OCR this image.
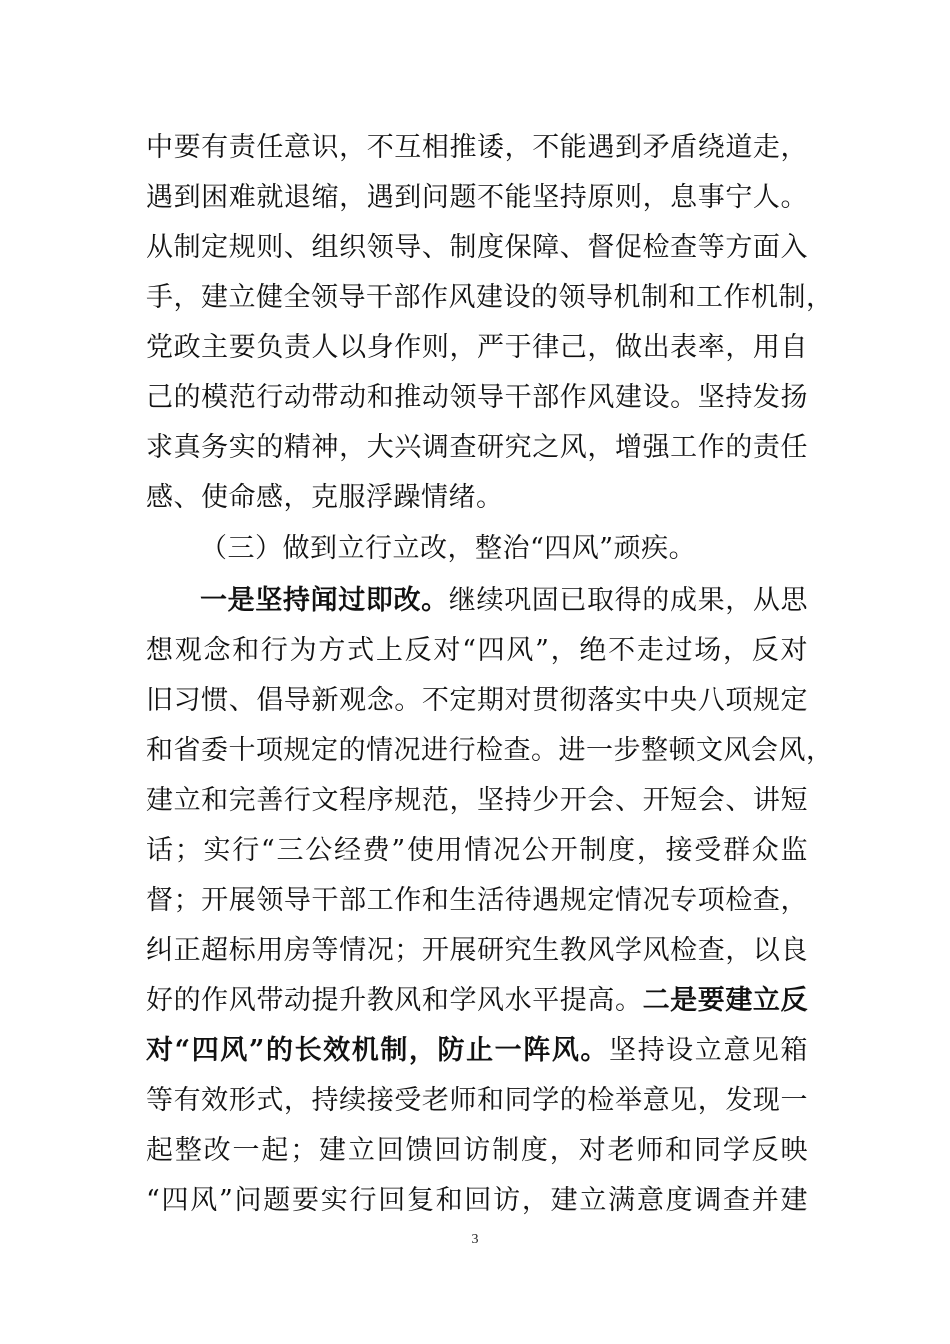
中要有责任意识，不互相推诿，不能遇到矛盾绕道走，
遇到困难就退缩，遇到问题不能坚持原则，息事宁人。
从制定规则、组织领导、制度保障、督促检查等方面入
手，建立健全领导干部作风建设的领导机制和工作机制，
党政主要负责人以身作则，严于律己，做出表率，用自
己的模范行动带动和推动领导干部作风建设。坚持发扬
求真务实的精神，大兴调查研究之风，增强工作的责任
感、使命感，克服浮躁情绪。
（三）做到立行立改，整治“四风”顽疾。
一是坚持闻过即改。继续巩固已取得的成果，从思
想观念和行为方式上反对“四风”，绝不走过场，反对
旧习惯、倡导新观念。不定期对贯彻落实中央八项规定
和省委十项规定的情况进行检查。进一步整顿文风会风，
建立和完善行文程序规范，坚持少开会、开短会、讲短
话；实行“三公经费”使用情况公开制度，接受群众监
督；开展领导干部工作和生活待遇规定情况专项检查，
纠正超标用房等情况；开展研究生教风学风检查，以良
好的作风带动提升教风和学风水平提高。二是要建立反
对“四风”的长效机制，防止一阵风。坚持设立意见箱
等有效形式，持续接受老师和同学的检举意见，发现一
起整改一起；建立回馈回访制度，对老师和同学反映
“四风”问题要实行回复和回访，建立满意度调查并建
3
